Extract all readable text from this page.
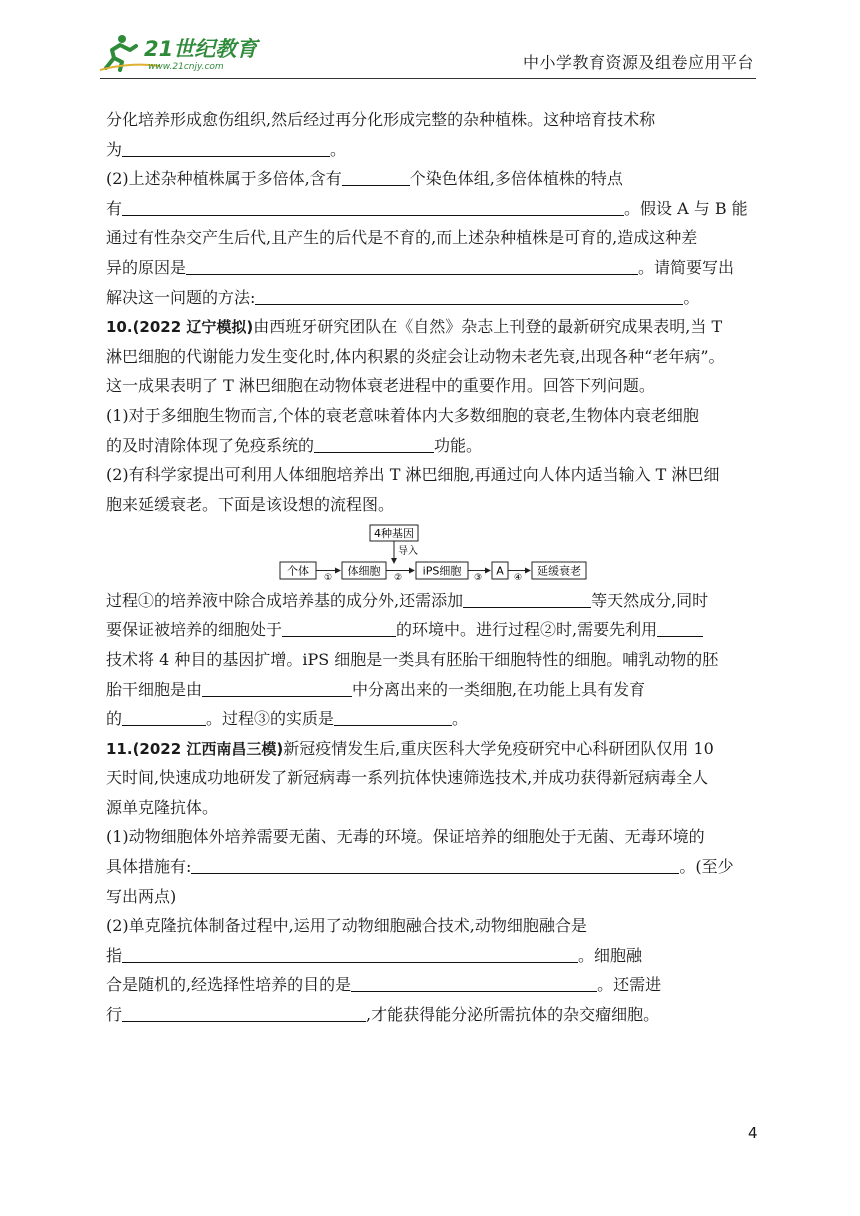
21世纪教育
www.21cnjy.com	中小学教育资源及组卷应用平台
分化培养形成愈伤组织,然后经过再分化形成完整的杂种植株。这种培育技术称
为	。
(2)上述杂种植株属于多倍体,含有	个染色体组,多倍体植株的特点
有	。假设 A 与 B 能
通过有性杂交产生后代,且产生的后代是不育的,而上述杂种植株是可育的,造成这种差
异的原因是	。请简要写出
解决这一问题的方法:	。
10.(2022 辽宁模拟)由西班牙研究团队在《自然》杂志上刊登的最新研究成果表明,当 T
淋巴细胞的代谢能力发生变化时,体内积累的炎症会让动物未老先衰,出现各种“老年病”。
这一成果表明了 T 淋巴细胞在动物体衰老进程中的重要作用。回答下列问题。
(1)对于多细胞生物而言,个体的衰老意味着体内大多数细胞的衰老,生物体内衰老细胞
的及时清除体现了免疫系统的	功能。
(2)有科学家提出可利用人体细胞培养出 T 淋巴细胞,再通过向人体内适当输入 T 淋巴细
胞来延缓衰老。下面是该设想的流程图。
4种基因
导入
个体
①
体细胞
②
iPS细胞
③
A
④
延缓衰老
过程①的培养液中除合成培养基的成分外,还需添加	等天然成分,同时
要保证被培养的细胞处于	的环境中。进行过程②时,需要先利用
技术将 4 种目的基因扩增。iPS 细胞是一类具有胚胎干细胞特性的细胞。哺乳动物的胚
胎干细胞是由	中分离出来的一类细胞,在功能上具有发育
的	。过程③的实质是	。
11.(2022 江西南昌三模)新冠疫情发生后,重庆医科大学免疫研究中心科研团队仅用 10
天时间,快速成功地研发了新冠病毒一系列抗体快速筛选技术,并成功获得新冠病毒全人
源单克隆抗体。
(1)动物细胞体外培养需要无菌、无毒的环境。保证培养的细胞处于无菌、无毒环境的
具体措施有:	。(至少
写出两点)
(2)单克隆抗体制备过程中,运用了动物细胞融合技术,动物细胞融合是
指	。细胞融
合是随机的,经选择性培养的目的是	。还需进
行	,才能获得能分泌所需抗体的杂交瘤细胞。
4
